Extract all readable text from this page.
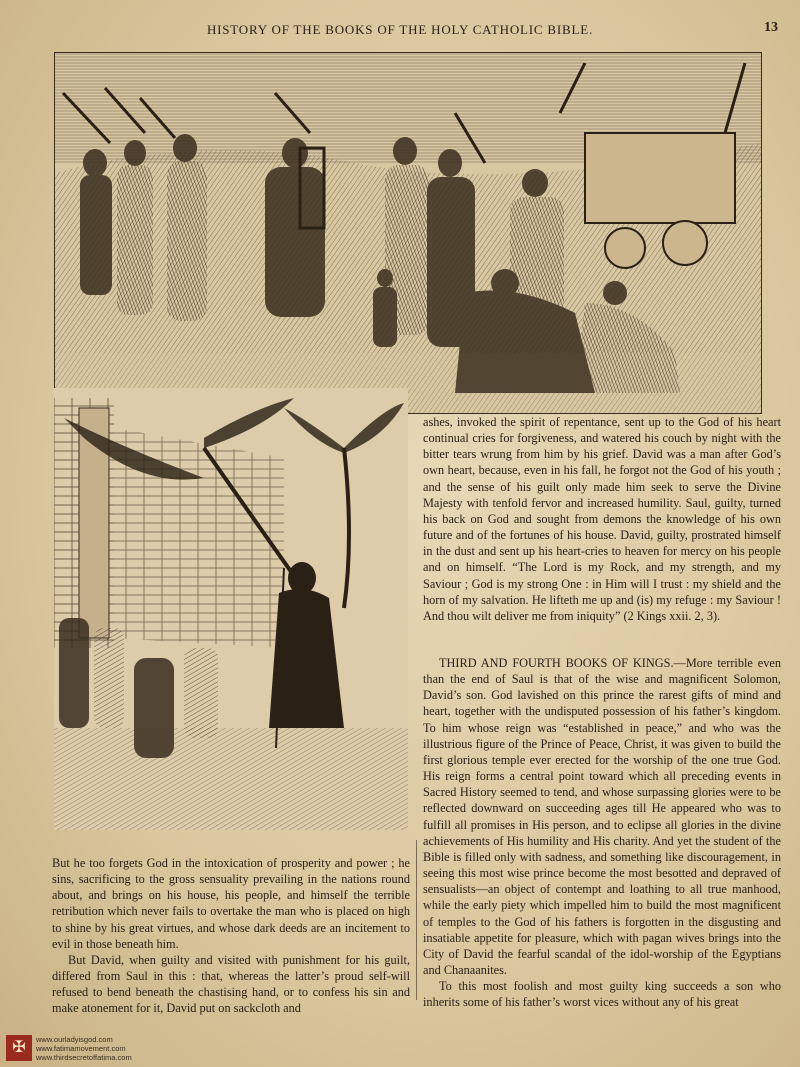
HISTORY OF THE BOOKS OF THE HOLY CATHOLIC BIBLE.	13

ashes, invoked the spirit of repentance, sent up to the God of his heart continual cries for forgiveness, and watered his couch by night with the bitter tears wrung from him by his grief. David was a man after God’s own heart, because, even in his fall, he forgot not the God of his youth ; and the sense of his guilt only made him seek to serve the Divine Majesty with tenfold fervor and increased humility. Saul, guilty, turned his back on God and sought from demons the knowledge of his own future and of the fortunes of his house. David, guilty, prostrated himself in the dust and sent up his heart-cries to heaven for mercy on his people and on himself. “The Lord is my Rock, and my strength, and my Saviour ; God is my strong One : in Him will I trust : my shield and the horn of my salvation. He lifteth me up and (is) my refuge : my Saviour ! And thou wilt deliver me from iniquity” (2 Kings xxii. 2, 3).

THIRD AND FOURTH BOOKS OF KINGS.—More terrible even than the end of Saul is that of the wise and magnificent Solomon, David’s son. God lavished on this prince the rarest gifts of mind and heart, together with the undisputed possession of his father’s kingdom. To him whose reign was “established in peace,” and who was the illustrious figure of the Prince of Peace, Christ, it was given to build the first glorious temple ever erected for the worship of the one true God. His reign forms a central point toward which all preceding events in Sacred History seemed to tend, and whose surpassing glories were to be reflected downward on succeeding ages till He appeared who was to fulfill all promises in His person, and to eclipse all glories in the divine achievements of His humility and His charity. And yet the student of the Bible is filled only with sadness, and something like discouragement, in seeing this most wise prince become the most besotted and depraved of sensualists—an object of contempt and loathing to all true manhood, while the early piety which impelled him to build the most magnificent of temples to the God of his fathers is forgotten in the disgusting and insatiable appetite for pleasure, which with pagan wives brings into the City of David the fearful scandal of the idol-worship of the Egyptians and Chanaanites.

To this most foolish and most guilty king succeeds a son who inherits some of his father’s worst vices without any of his great

But he too forgets God in the intoxication of prosperity and power ; he sins, sacrificing to the gross sensuality prevailing in the nations round about, and brings on his house, his people, and himself the terrible retribution which never fails to overtake the man who is placed on high to shine by his great virtues, and whose dark deeds are an incitement to evil in those beneath him.

But David, when guilty and visited with punishment for his guilt, differed from Saul in this : that, whereas the latter’s proud self-will refused to bend beneath the chastising hand, or to confess his sin and make atonement for it, David put on sackcloth and

✠	www.ourladyisgod.com
www.fatimamovement.com
www.thirdsecretoffatima.com
